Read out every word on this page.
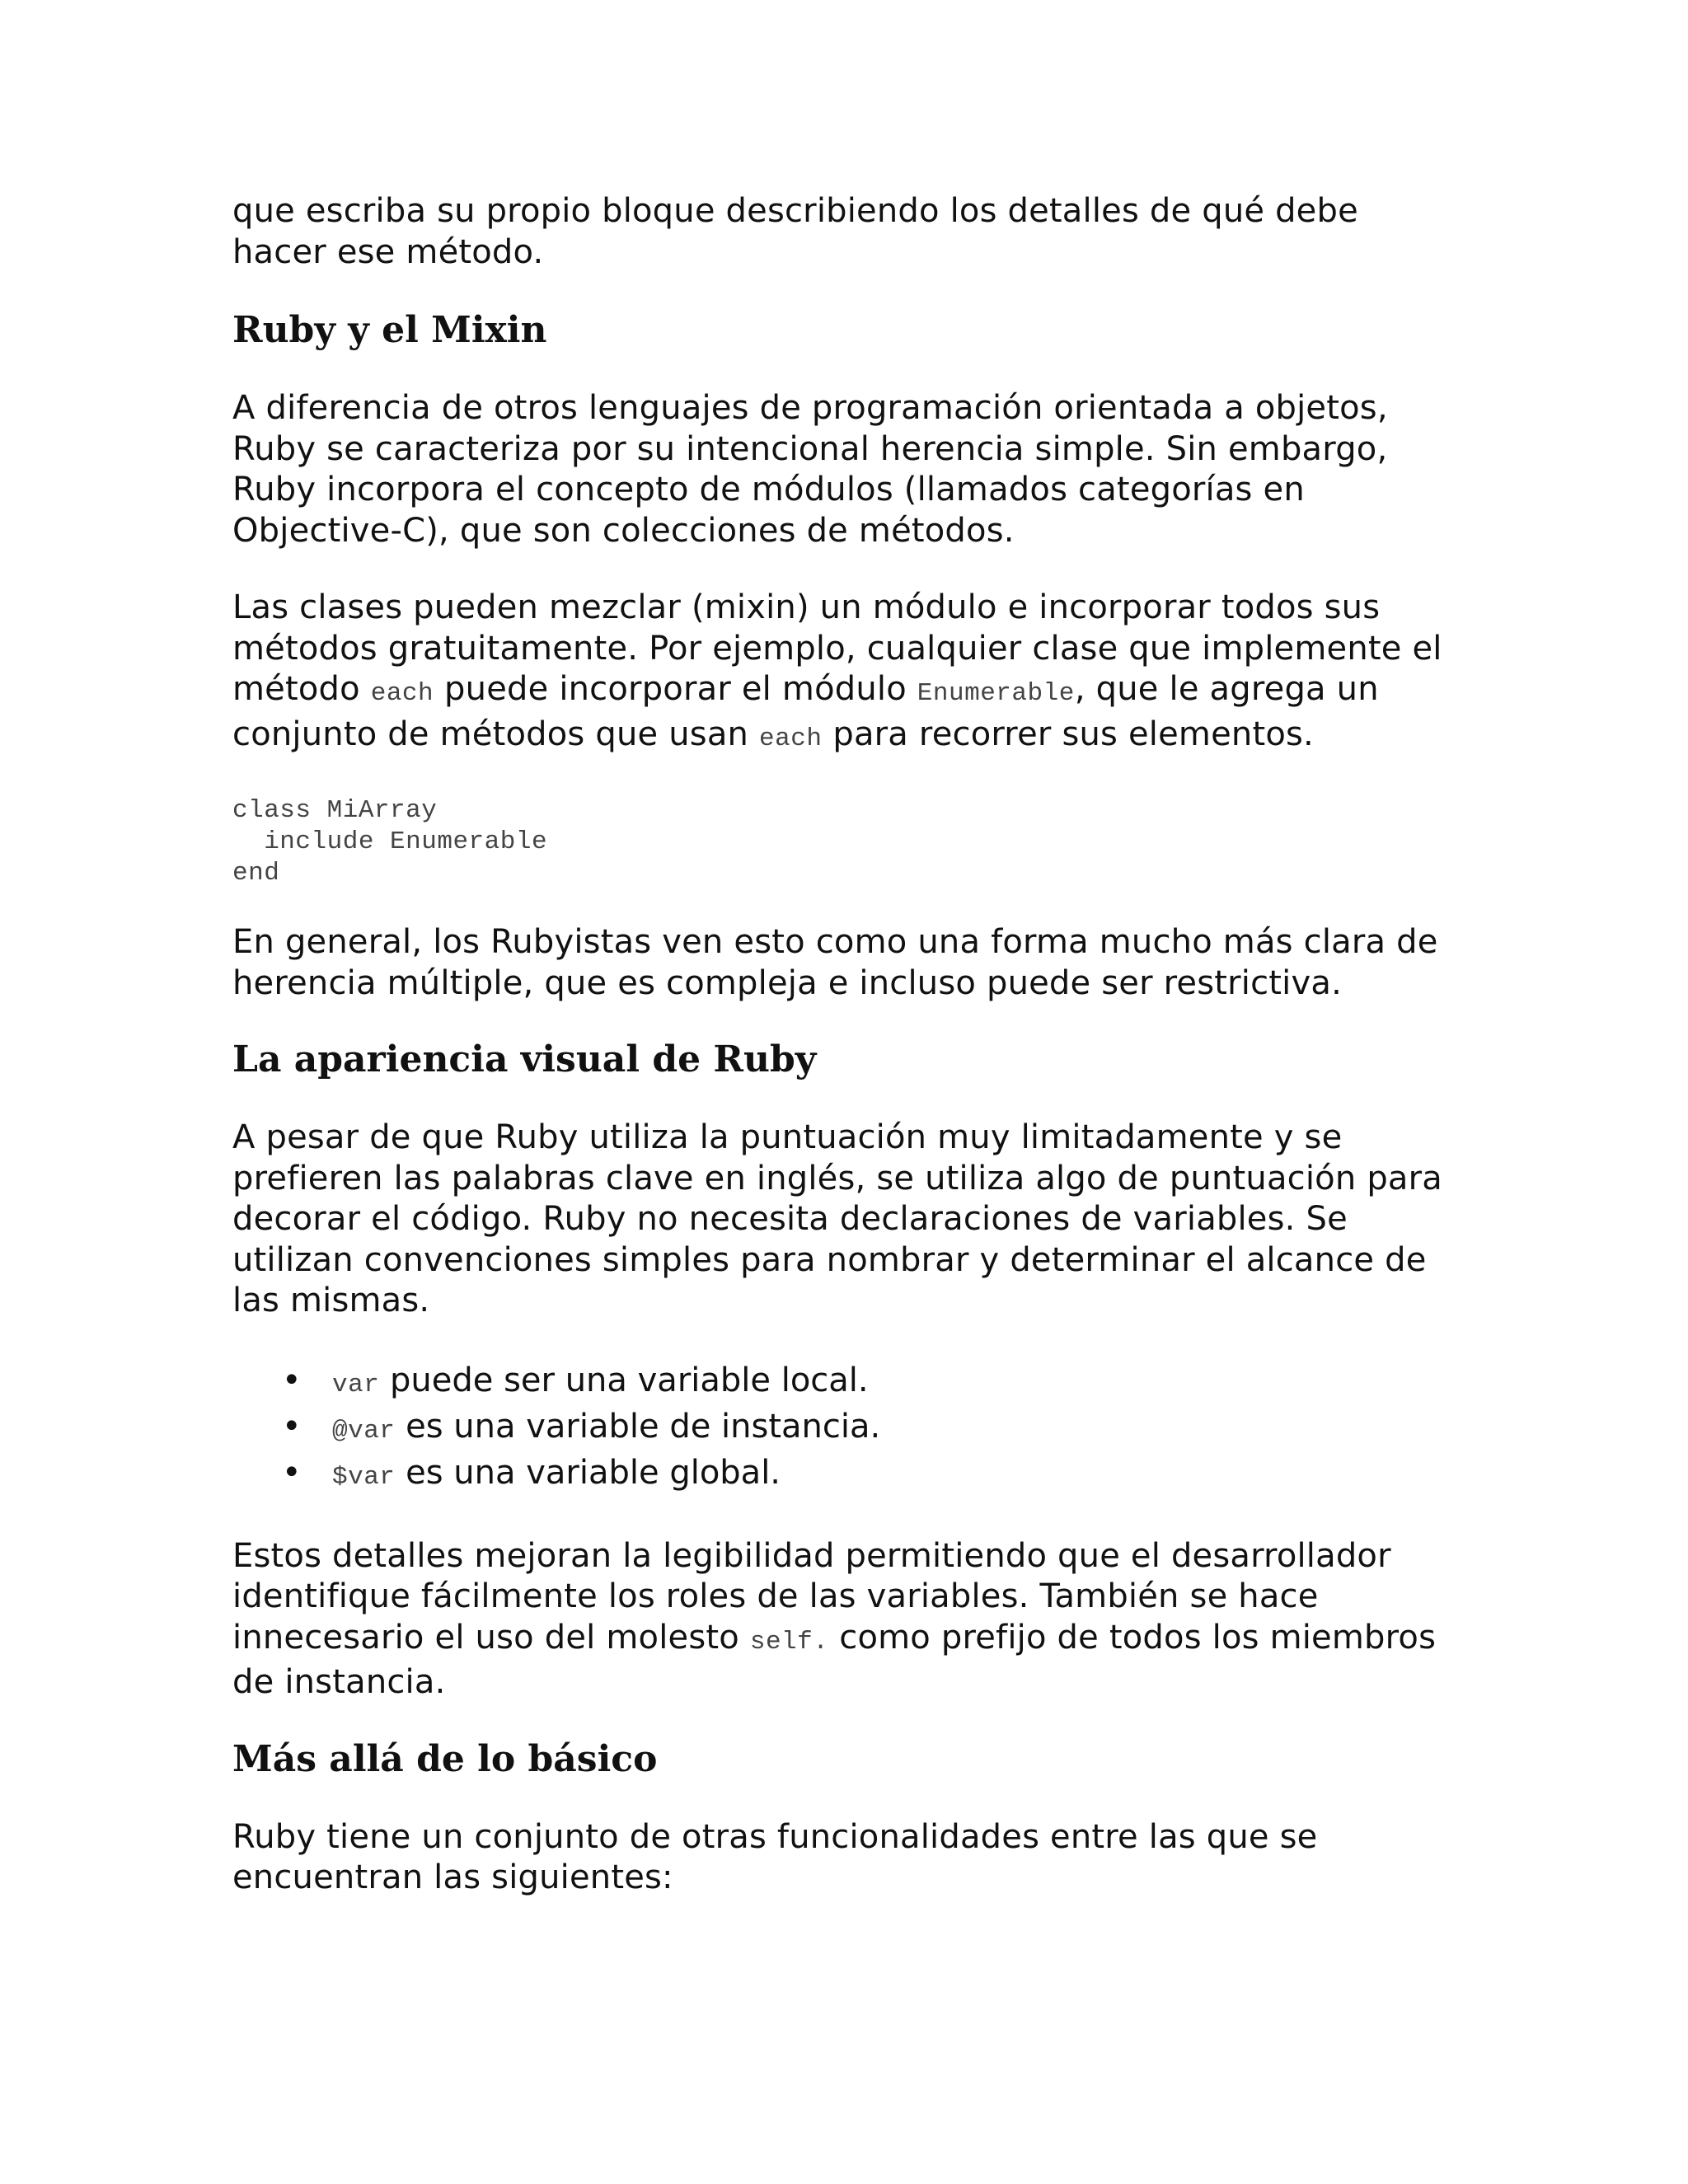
que escriba su propio bloque describiendo los detalles de qué debe
hacer ese método.

Ruby y el Mixin

A diferencia de otros lenguajes de programación orientada a objetos,
Ruby se caracteriza por su intencional herencia simple. Sin embargo,
Ruby incorpora el concepto de módulos (llamados categorías en
Objective-C), que son colecciones de métodos.

Las clases pueden mezclar (mixin) un módulo e incorporar todos sus
métodos gratuitamente. Por ejemplo, cualquier clase que implemente el
método each puede incorporar el módulo Enumerable, que le agrega un
conjunto de métodos que usan each para recorrer sus elementos.

class MiArray
include Enumerable
end

En general, los Rubyistas ven esto como una forma mucho más clara de
herencia múltiple, que es compleja e incluso puede ser restrictiva.

La apariencia visual de Ruby

A pesar de que Ruby utiliza la puntuación muy limitadamente y se
prefieren las palabras clave en inglés, se utiliza algo de puntuación para
decorar el código. Ruby no necesita declaraciones de variables. Se
utilizan convenciones simples para nombrar y determinar el alcance de
las mismas.

• var puede ser una variable local.
• @var es una variable de instancia.
• $var es una variable global.

Estos detalles mejoran la legibilidad permitiendo que el desarrollador
identifique fácilmente los roles de las variables. También se hace
innecesario el uso del molesto self. como prefijo de todos los miembros
de instancia.

Más allá de lo básico

Ruby tiene un conjunto de otras funcionalidades entre las que se
encuentran las siguientes:
